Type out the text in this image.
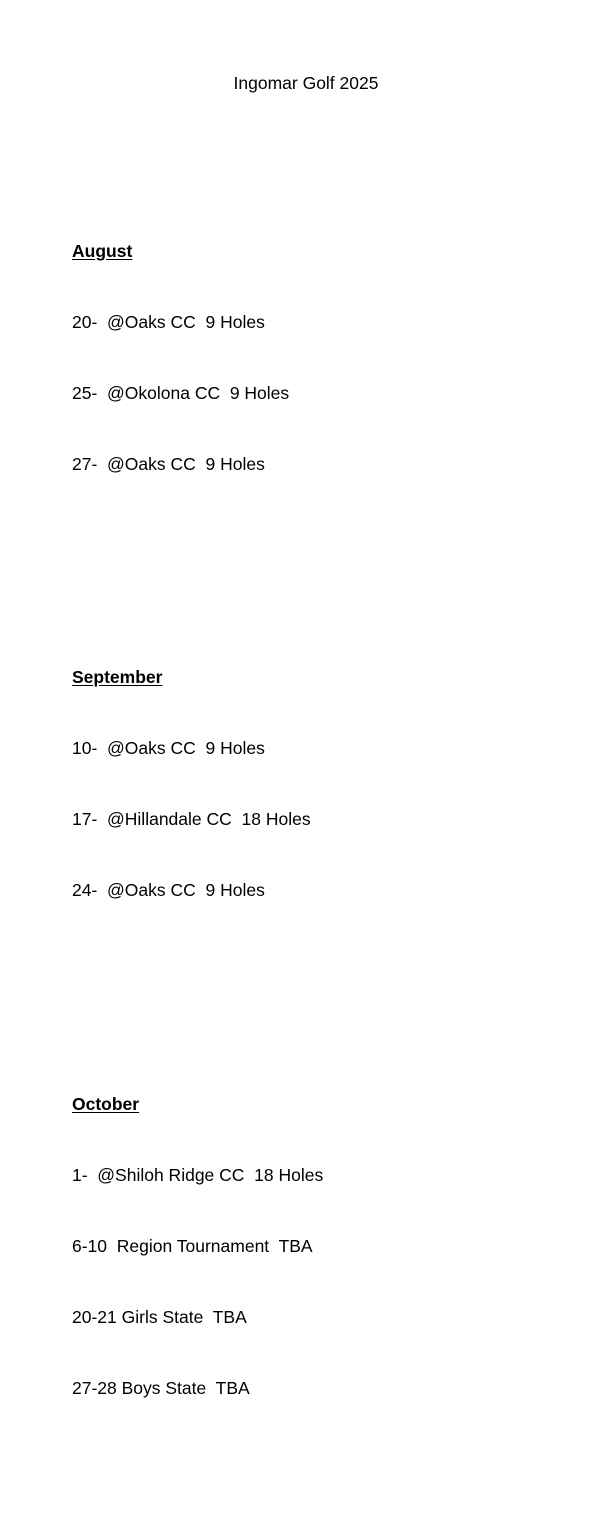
Ingomar Golf 2025

August

20-  @Oaks CC  9 Holes

25-  @Okolona CC  9 Holes

27-  @Oaks CC  9 Holes

September

10-  @Oaks CC  9 Holes

17-  @Hillandale CC  18 Holes

24-  @Oaks CC  9 Holes

October

1-  @Shiloh Ridge CC  18 Holes

6-10  Region Tournament  TBA

20-21 Girls State  TBA

27-28 Boys State  TBA
